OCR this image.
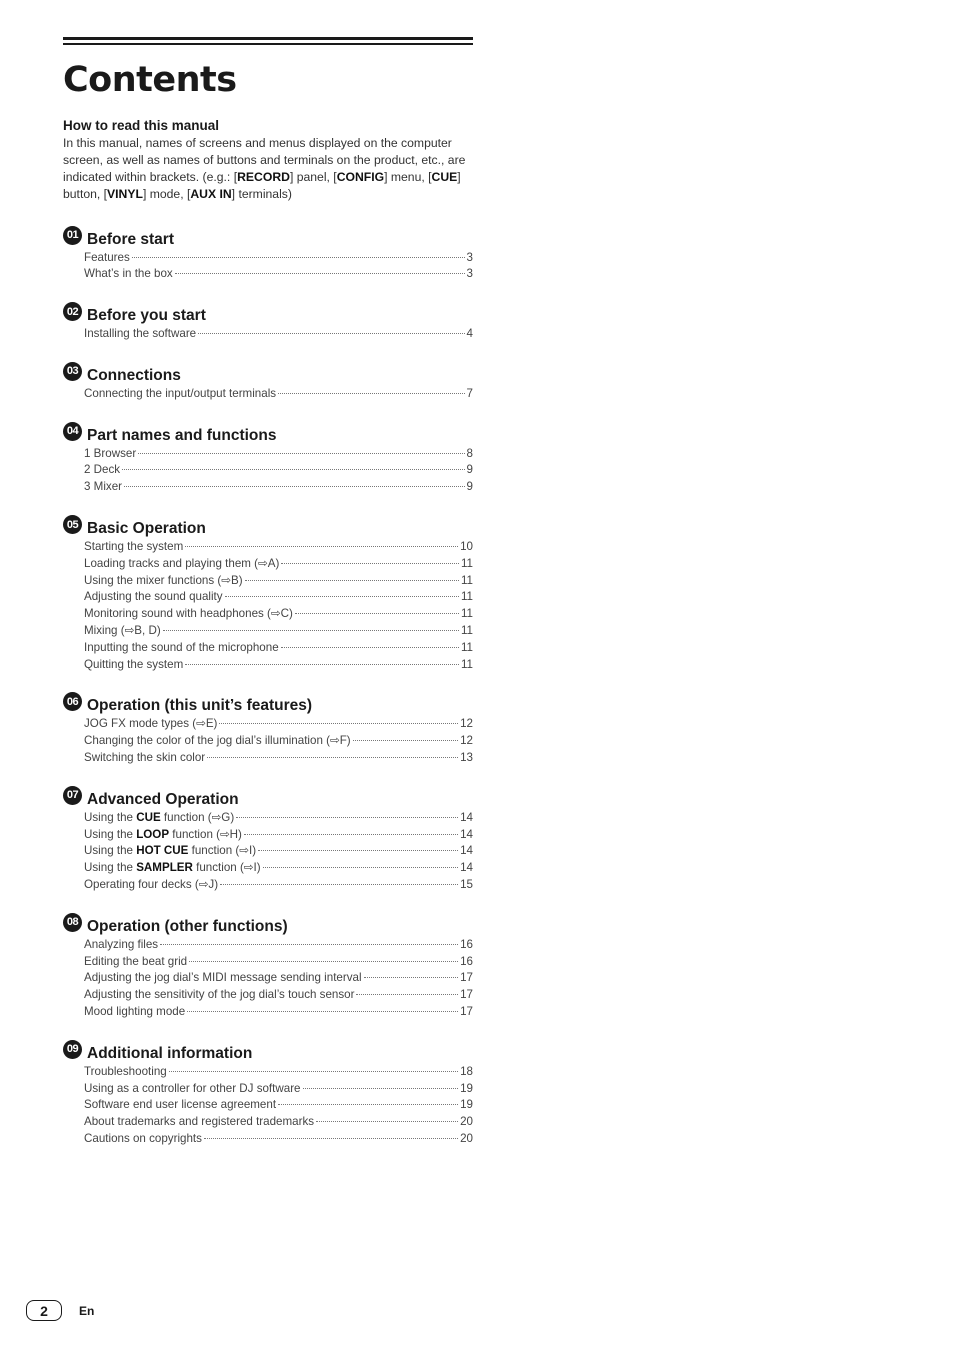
Contents

How to read this manual

In this manual, names of screens and menus displayed on the computer screen, as well as names of buttons and terminals on the product, etc., are indicated within brackets. (e.g.: [RECORD] panel, [CONFIG] menu, [CUE] button, [VINYL] mode, [AUX IN] terminals)

01 Before start
Features	3
What’s in the box	3
02 Before you start
Installing the software	4
03 Connections
Connecting the input/output terminals	7
04 Part names and functions
1 Browser	8
2 Deck	9
3 Mixer	9
05 Basic Operation
Starting the system	10
Loading tracks and playing them (⇨A)	11
Using the mixer functions (⇨B)	11
Adjusting the sound quality	11
Monitoring sound with headphones (⇨C)	11
Mixing (⇨B, D)	11
Inputting the sound of the microphone	11
Quitting the system	11
06 Operation (this unit’s features)
JOG FX mode types (⇨E)	12
Changing the color of the jog dial’s illumination (⇨F)	12
Switching the skin color	13
07 Advanced Operation
Using the CUE function (⇨G)	14
Using the LOOP function (⇨H)	14
Using the HOT CUE function (⇨I)	14
Using the SAMPLER function (⇨I)	14
Operating four decks (⇨J)	15
08 Operation (other functions)
Analyzing files	16
Editing the beat grid	16
Adjusting the jog dial’s MIDI message sending interval	17
Adjusting the sensitivity of the jog dial’s touch sensor	17
Mood lighting mode	17
09 Additional information
Troubleshooting	18
Using as a controller for other DJ software	19
Software end user license agreement	19
About trademarks and registered trademarks	20
Cautions on copyrights	20
2	En
